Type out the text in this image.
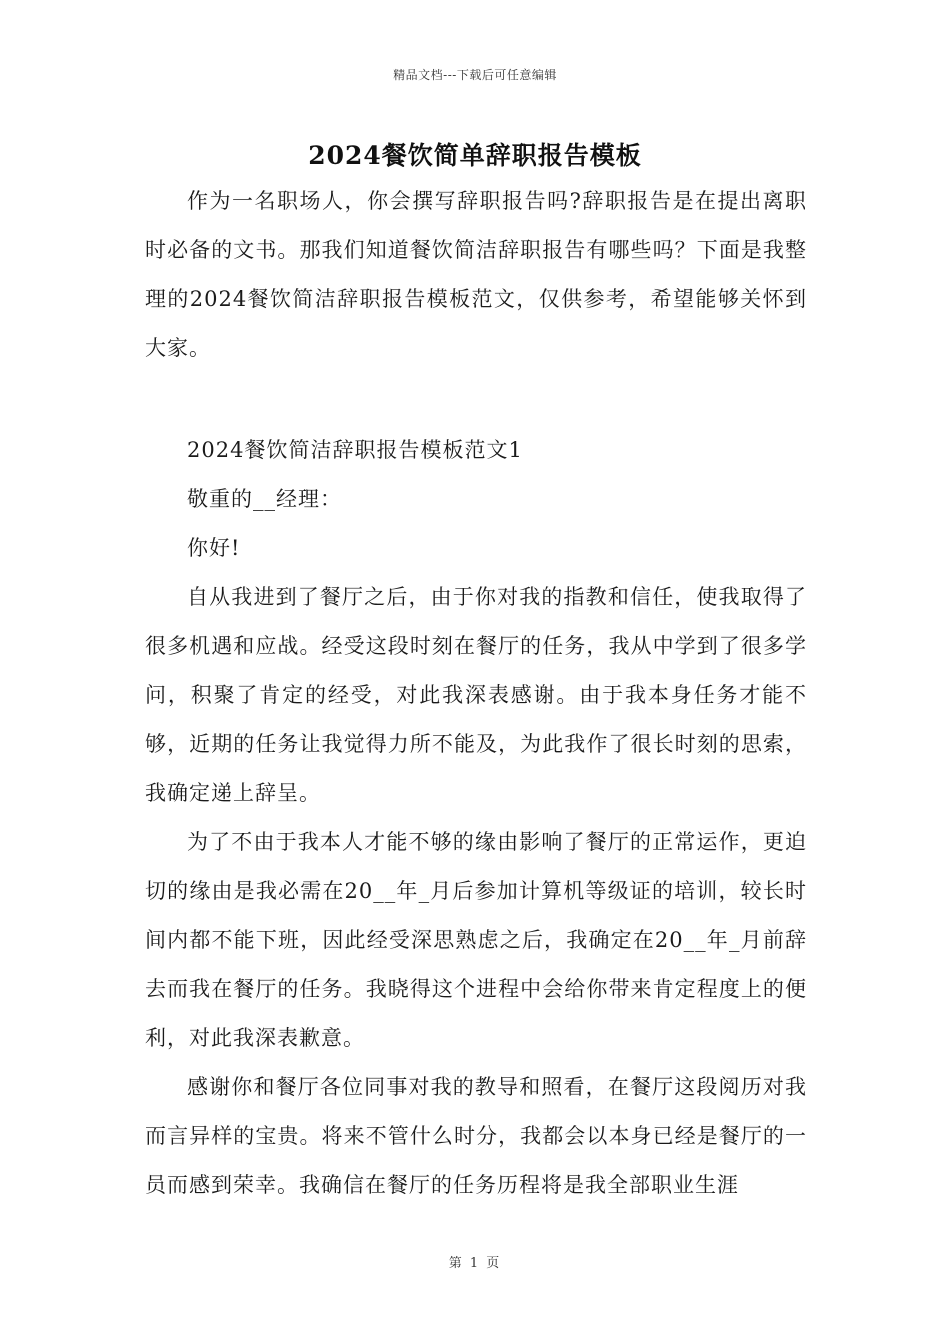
精品文档---下载后可任意编辑
2024餐饮简单辞职报告模板

作为一名职场人，你会撰写辞职报告吗?辞职报告是在提出离职时必备的文书。那我们知道餐饮简洁辞职报告有哪些吗？下面是我整理的2024餐饮简洁辞职报告模板范文，仅供参考，希望能够关怀到大家。

2024餐饮简洁辞职报告模板范文1

敬重的__经理：

你好!

自从我进到了餐厅之后，由于你对我的指教和信任，使我取得了很多机遇和应战。经受这段时刻在餐厅的任务，我从中学到了很多学问，积聚了肯定的经受，对此我深表感谢。由于我本身任务才能不够，近期的任务让我觉得力所不能及，为此我作了很长时刻的思索，我确定递上辞呈。

为了不由于我本人才能不够的缘由影响了餐厅的正常运作，更迫切的缘由是我必需在20__年_月后参加计算机等级证的培训，较长时间内都不能下班，因此经受深思熟虑之后，我确定在20__年_月前辞去而我在餐厅的任务。我晓得这个进程中会给你带来肯定程度上的便利，对此我深表歉意。

感谢你和餐厅各位同事对我的教导和照看，在餐厅这段阅历对我而言异样的宝贵。将来不管什么时分，我都会以本身已经是餐厅的一员而感到荣幸。我确信在餐厅的任务历程将是我全部职业生涯

第 1 页
